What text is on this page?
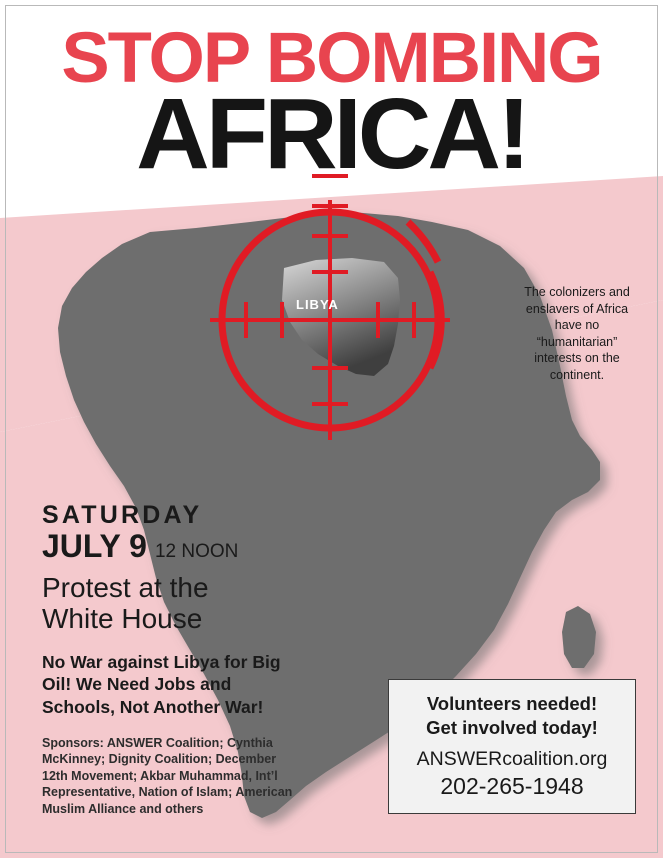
STOP BOMBING
AFRICA!
LIBYA
The colonizers and enslavers of Africa have no “humanitarian” interests on the continent.
SATURDAY
JULY 9 12 NOON
Protest at the
White House
No War against Libya for Big Oil! We Need Jobs and Schools, Not Another War!
Sponsors: ANSWER Coalition; Cynthia McKinney; Dignity Coalition; December 12th Movement; Akbar Muhammad, Int’l Representative, Nation of Islam; American Muslim Alliance and others
Volunteers needed!
Get involved today!
ANSWERcoalition.org
202-265-1948
